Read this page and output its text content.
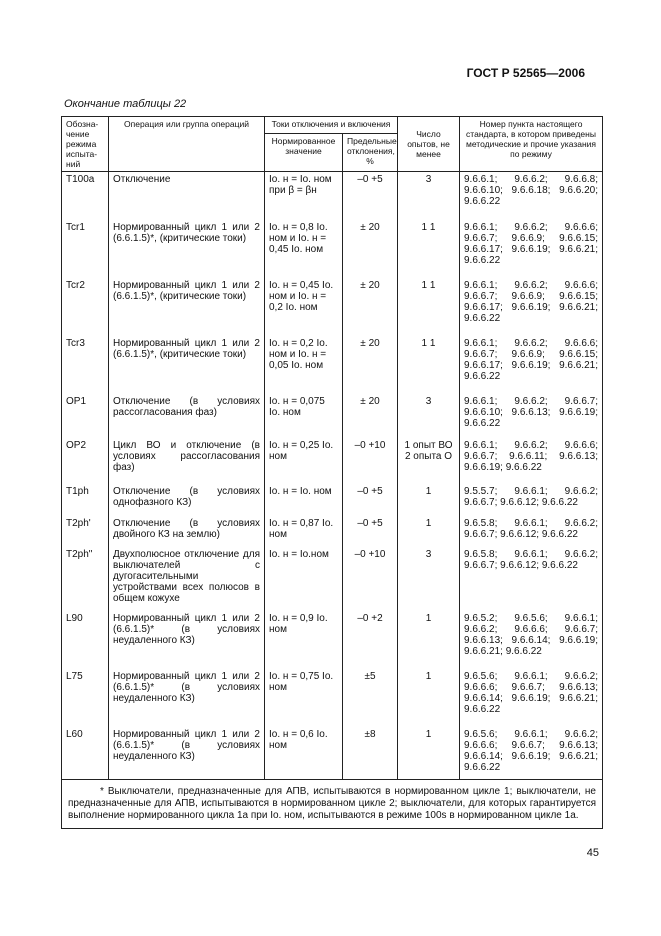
ГОСТ Р 52565—2006
Окончание таблицы 22
Обозна-чение режима испыта-ний	Операция или группа операций	Токи отключения и включения		Число опытов, не менее	Номер пункта настоящего стандарта, в котором приведены методические и прочие указания по режиму
		Нормированное значение	Предельные отклонения, %		
T100a	Отключение	Iо. н = Iо. ном при β = βн	–0 +5	3	9.6.6.1; 9.6.6.2; 9.6.6.8; 9.6.6.10; 9.6.6.18; 9.6.6.20; 9.6.6.22
Tcr1	Нормированный цикл 1 или 2 (6.6.1.5)*, (критические токи)	Iо. н = 0,8 Iо. ном и Iо. н = 0,45 Iо. ном	± 20	1 1	9.6.6.1; 9.6.6.2; 9.6.6.6; 9.6.6.7; 9.6.6.9; 9.6.6.15; 9.6.6.17; 9.6.6.19; 9.6.6.21; 9.6.6.22
Tcr2	Нормированный цикл 1 или 2 (6.6.1.5)*, (критические токи)	Iо. н = 0,45 Iо. ном и Iо. н = 0,2 Iо. ном	± 20	1 1	9.6.6.1; 9.6.6.2; 9.6.6.6; 9.6.6.7; 9.6.6.9; 9.6.6.15; 9.6.6.17; 9.6.6.19; 9.6.6.21; 9.6.6.22
Tcr3	Нормированный цикл 1 или 2 (6.6.1.5)*, (критические токи)	Iо. н = 0,2 Iо. ном и Iо. н = 0,05 Iо. ном	± 20	1 1	9.6.6.1; 9.6.6.2; 9.6.6.6; 9.6.6.7; 9.6.6.9; 9.6.6.15; 9.6.6.17; 9.6.6.19; 9.6.6.21; 9.6.6.22
OP1	Отключение (в условиях рассогласования фаз)	Iо. н = 0,075 Iо. ном	± 20	3	9.6.6.1; 9.6.6.2; 9.6.6.7; 9.6.6.10; 9.6.6.13; 9.6.6.19; 9.6.6.22
OP2	Цикл ВО и отключение (в условиях рассогласования фаз)	Iо. н = 0,25 Iо. ном	–0 +10	1 опыт ВО 2 опыта О	9.6.6.1; 9.6.6.2; 9.6.6.6; 9.6.6.7; 9.6.6.11; 9.6.6.13; 9.6.6.19; 9.6.6.22
T1ph	Отключение (в условиях однофазного КЗ)	Iо. н = Iо. ном	–0 +5	1	9.5.5.7; 9.6.6.1; 9.6.6.2; 9.6.6.7; 9.6.6.12; 9.6.6.22
T2ph'	Отключение (в условиях двойного КЗ на землю)	Iо. н = 0,87 Iо. ном	–0 +5	1	9.6.5.8; 9.6.6.1; 9.6.6.2; 9.6.6.7; 9.6.6.12; 9.6.6.22
T2ph"	Двухполюсное отключение для выключателей с дугогасительными устройствами всех полюсов в общем кожухе	Iо. н = Iо.ном	–0 +10	3	9.6.5.8; 9.6.6.1; 9.6.6.2; 9.6.6.7; 9.6.6.12; 9.6.6.22
L90	Нормированный цикл 1 или 2 (6.6.1.5)* (в условиях неудаленного КЗ)	Iо. н = 0,9 Iо. ном	–0 +2	1	9.6.5.2; 9.6.5.6; 9.6.6.1; 9.6.6.2; 9.6.6.6; 9.6.6.7; 9.6.6.13; 9.6.6.14; 9.6.6.19; 9.6.6.21; 9.6.6.22
L75	Нормированный цикл 1 или 2 (6.6.1.5)* (в условиях неудаленного КЗ)	Iо. н = 0,75 Iо. ном	±5	1	9.6.5.6; 9.6.6.1; 9.6.6.2; 9.6.6.6; 9.6.6.7; 9.6.6.13; 9.6.6.14; 9.6.6.19; 9.6.6.21; 9.6.6.22
L60	Нормированный цикл 1 или 2 (6.6.1.5)* (в условиях неудаленного КЗ)	Iо. н = 0,6 Iо. ном	±8	1	9.6.5.6; 9.6.6.1; 9.6.6.2; 9.6.6.6; 9.6.6.7; 9.6.6.13; 9.6.6.14; 9.6.6.19; 9.6.6.21; 9.6.6.22
* Выключатели, предназначенные для АПВ, испытываются в нормированном цикле 1; выключатели, не предназначенные для АПВ, испытываются в нормированном цикле 2; выключатели, для которых гарантируется выполнение нормированного цикла 1а при Iо. ном, испытываются в режиме 100s в нормированном цикле 1а.					
45
